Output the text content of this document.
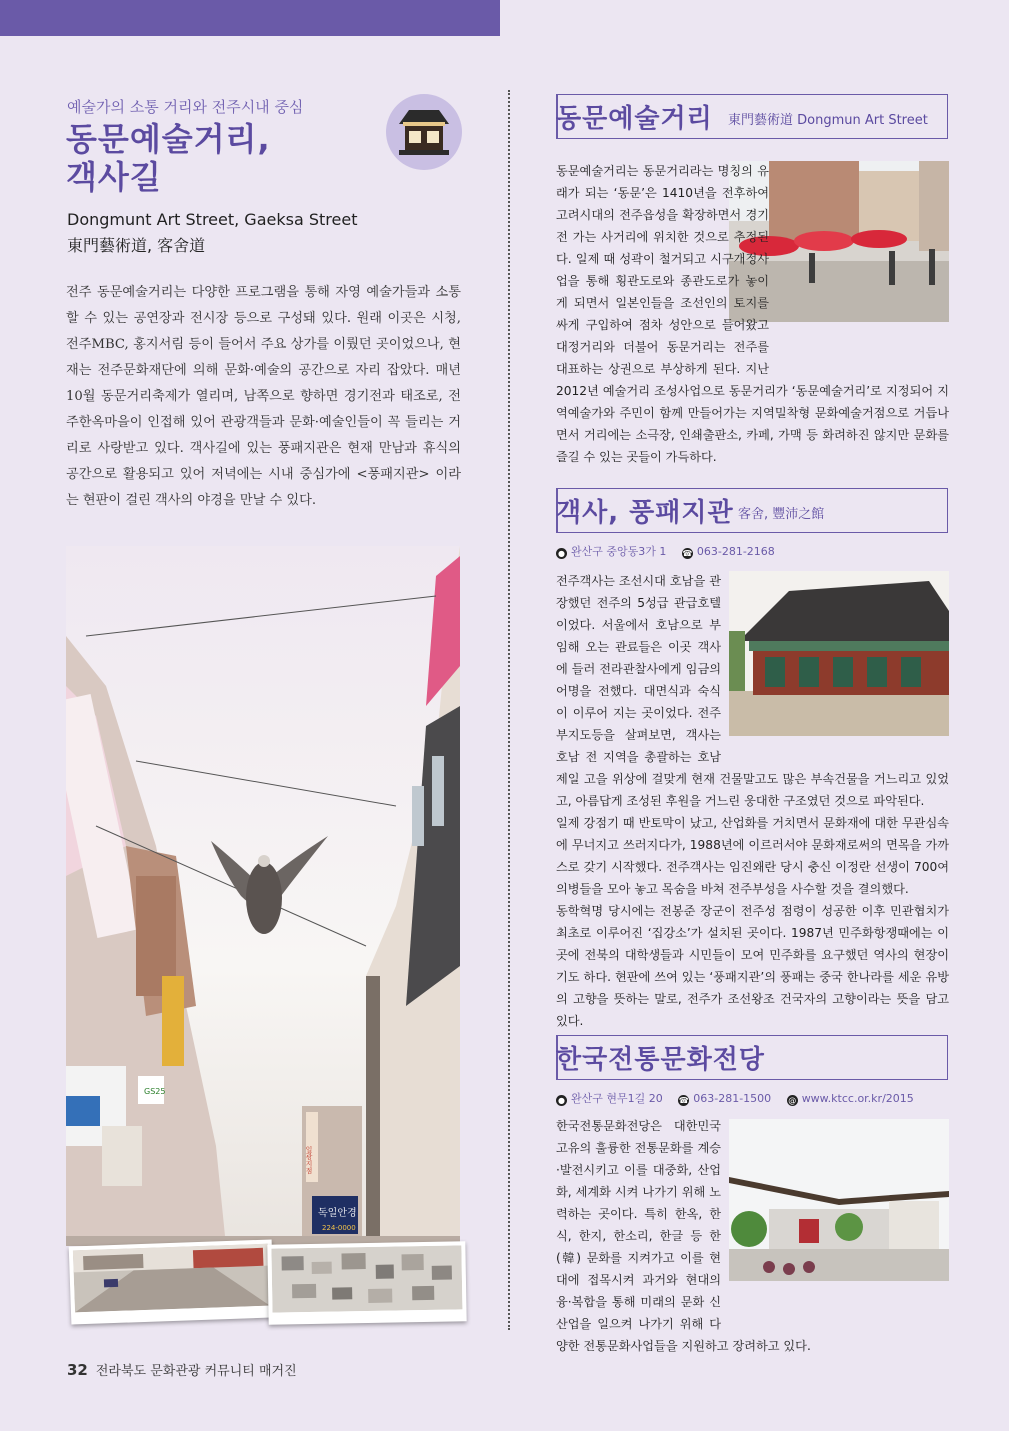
예술가의 소통 거리와 전주시내 중심
동문예술거리,
객사길
Dongmunt Art Street, Gaeksa Street
東門藝術道, 客舍道

전주 동문예술거리는 다양한 프로그램을 통해 자영 예술가들과 소통할 수 있는 공연장과 전시장 등으로 구성돼 있다. 원래 이곳은 시청, 전주MBC, 홍지서림 등이 들어서 주요 상가를 이뤘던 곳이었으나, 현재는 전주문화재단에 의해 문화·예술의 공간으로 자리 잡았다. 매년 10월 동문거리축제가 열리며, 남쪽으로 향하면 경기전과 태조로, 전주한옥마을이 인접해 있어 관광객들과 문화·예술인들이 꼭 들리는 거리로 사랑받고 있다. 객사길에 있는 풍패지관은 현재 만남과 휴식의 공간으로 활용되고 있어 저녁에는 시내 중심가에 <풍패지관> 이라는 현판이 걸린 객사의 야경을 만날 수 있다.

GS25
일광지점
독일안경
224-0000
32 전라북도 문화관광 커뮤니티 매거진
동문예술거리 東門藝術道 Dongmun Art Street

동문예술거리는 동문거리라는 명칭의 유래가 되는 ‘동문’은 1410년을 전후하여 고려시대의 전주읍성을 확장하면서 경기전 가는 사거리에 위치한 것으로 추정된다. 일제 때 성곽이 철거되고 시구개정사업을 통해 횡관도로와 종관도로가 놓이게 되면서 일본인들을 조선인의 토지를 싸게 구입하여 점차 성안으로 들어왔고 대정거리와 더불어 동문거리는 전주를 대표하는 상권으로 부상하게 된다. 지난 2012년 예술거리 조성사업으로 동문거리가 ‘동문예술거리’로 지정되어 지역예술가와 주민이 함께 만들어가는 지역밀착형 문화예술거점으로 거듭나면서 거리에는 소극장, 인쇄출판소, 카페, 가맥 등 화려하진 않지만 문화를 즐길 수 있는 곳들이 가득하다.

객사, 풍패지관 客舍, 豐沛之館
● 완산구 중앙동3가 1 ☎ 063-281-2168

전주객사는 조선시대 호남을 관장했던 전주의 5성급 관급호텔이었다. 서울에서 호남으로 부임해 오는 관료들은 이곳 객사에 들러 전라관찰사에게 임금의 어명을 전했다. 대면식과 숙식이 이루어 지는 곳이었다. 전주부지도등을 살펴보면, 객사는 호남 전 지역을 총괄하는 호남 제일 고을 위상에 걸맞게 현재 건물말고도 많은 부속건물을 거느리고 있었고, 아름답게 조성된 후원을 거느린 웅대한 구조였던 것으로 파악된다.
일제 강점기 때 반토막이 났고, 산업화를 거치면서 문화재에 대한 무관심속에 무너지고 쓰러지다가, 1988년에 이르러서야 문화재로써의 면목을 가까스로 갖기 시작했다. 전주객사는 임진왜란 당시 충신 이정란 선생이 700여 의병들을 모아 놓고 목숨을 바쳐 전주부성을 사수할 것을 결의했다.
동학혁명 당시에는 전봉준 장군이 전주성 점령이 성공한 이후 민관협치가 최초로 이루어진 ‘집강소’가 설치된 곳이다. 1987년 민주화항쟁때에는 이곳에 전북의 대학생들과 시민들이 모여 민주화를 요구했던 역사의 현장이기도 하다. 현판에 쓰여 있는 ‘풍패지관’의 풍패는 중국 한나라를 세운 유방의 고향을 뜻하는 말로, 전주가 조선왕조 건국자의 고향이라는 뜻을 담고 있다.

한국전통문화전당
● 완산구 현무1길 20 ☎ 063-281-1500 @ www.ktcc.or.kr/2015

한국전통문화전당은 대한민국 고유의 훌륭한 전통문화를 계승·발전시키고 이를 대중화, 산업화, 세계화 시켜 나가기 위해 노력하는 곳이다. 특히 한옥, 한식, 한지, 한소리, 한글 등 한(韓) 문화를 지켜가고 이를 현대에 접목시켜 과거와 현대의 융·복합을 통해 미래의 문화 신산업을 일으켜 나가기 위해 다양한 전통문화사업들을 지원하고 장려하고 있다.
